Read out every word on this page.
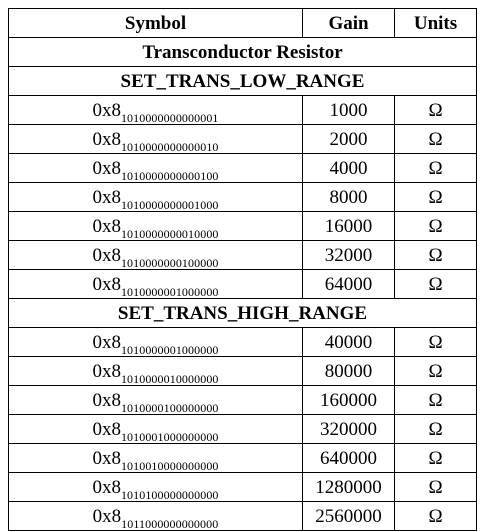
Symbol	Gain	Units
Transconductor Resistor		
SET_TRANS_LOW_RANGE		
$0x8_{1010000000000001}$	1000	Ω
$0x8_{1010000000000010}$	2000	Ω
$0x8_{1010000000000100}$	4000	Ω
$0x8_{1010000000001000}$	8000	Ω
$0x8_{1010000000010000}$	16000	Ω
$0x8_{1010000000100000}$	32000	Ω
$0x8_{1010000001000000}$	64000	Ω
SET_TRANS_HIGH_RANGE		
$0x8_{1010000001000000}$	40000	Ω
$0x8_{1010000010000000}$	80000	Ω
$0x8_{1010000100000000}$	160000	Ω
$0x8_{1010001000000000}$	320000	Ω
$0x8_{1010010000000000}$	640000	Ω
$0x8_{1010100000000000}$	1280000	Ω
$0x8_{1011000000000000}$	2560000	Ω
